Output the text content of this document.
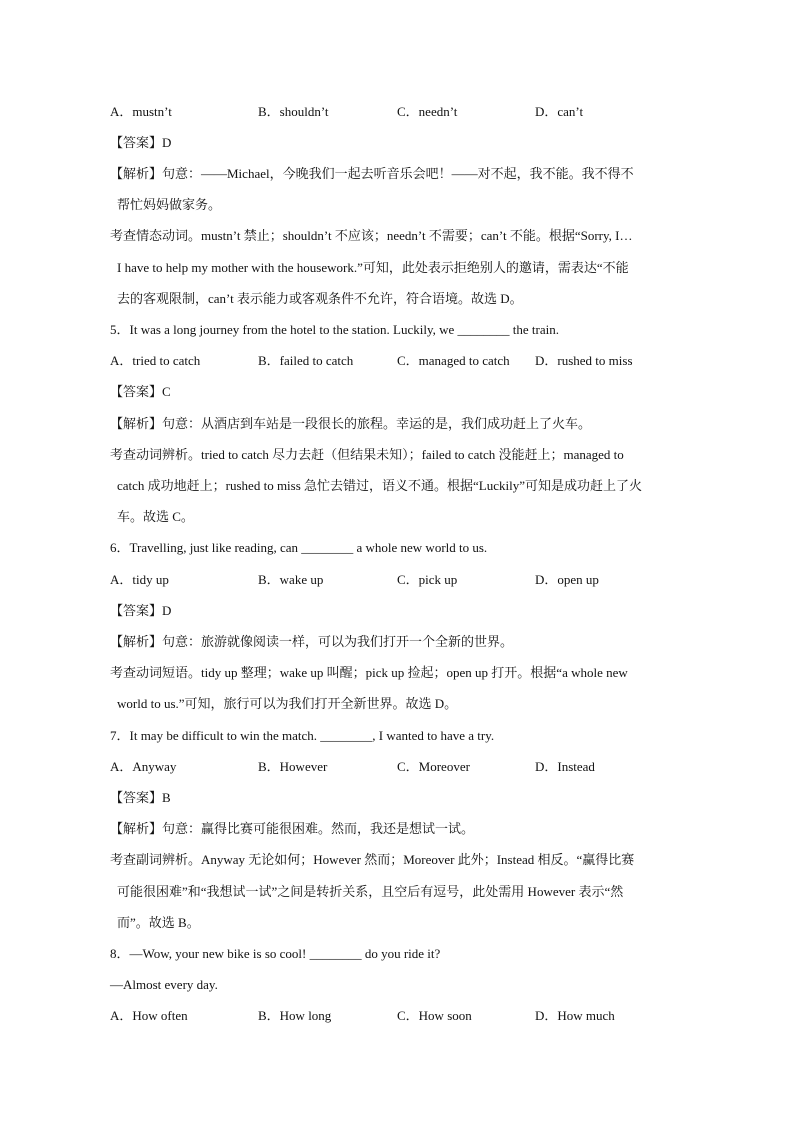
A．mustn’t	B．shouldn’t	C．needn’t	D．can’t
【答案】D
【解析】句意：——Michael，今晚我们一起去听音乐会吧！——对不起，我不能。我不得不
帮忙妈妈做家务。
考查情态动词。mustn’t 禁止；shouldn’t 不应该；needn’t 不需要；can’t 不能。根据“Sorry, I…
I have to help my mother with the housework.”可知，此处表示拒绝别人的邀请，需表达“不能
去的客观限制，can’t 表示能力或客观条件不允许，符合语境。故选 D。
5．It was a long journey from the hotel to the station. Luckily, we ________ the train.
A．tried to catch	B．failed to catch	C．managed to catch D．rushed to miss
【答案】C
【解析】句意：从酒店到车站是一段很长的旅程。幸运的是，我们成功赶上了火车。
考查动词辨析。tried to catch 尽力去赶（但结果未知）；failed to catch 没能赶上；managed to
catch 成功地赶上；rushed to miss 急忙去错过，语义不通。根据“Luckily”可知是成功赶上了火
车。故选 C。
6．Travelling, just like reading, can ________ a whole new world to us.
A．tidy up	B．wake up	C．pick up	D．open up
【答案】D
【解析】句意：旅游就像阅读一样，可以为我们打开一个全新的世界。
考查动词短语。tidy up 整理；wake up 叫醒；pick up 捡起；open up 打开。根据“a whole new
world to us.”可知，旅行可以为我们打开全新世界。故选 D。
7．It may be difficult to win the match. ________, I wanted to have a try.
A．Anyway	B．However	C．Moreover	D．Instead
【答案】B
【解析】句意：赢得比赛可能很困难。然而，我还是想试一试。
考查副词辨析。Anyway 无论如何；However 然而；Moreover 此外；Instead 相反。“赢得比赛
可能很困难”和“我想试一试”之间是转折关系，且空后有逗号，此处需用 However 表示“然
而”。故选 B。
8．—Wow, your new bike is so cool! ________ do you ride it?
—Almost every day.
A．How often	B．How long	C．How soon	D．How much
